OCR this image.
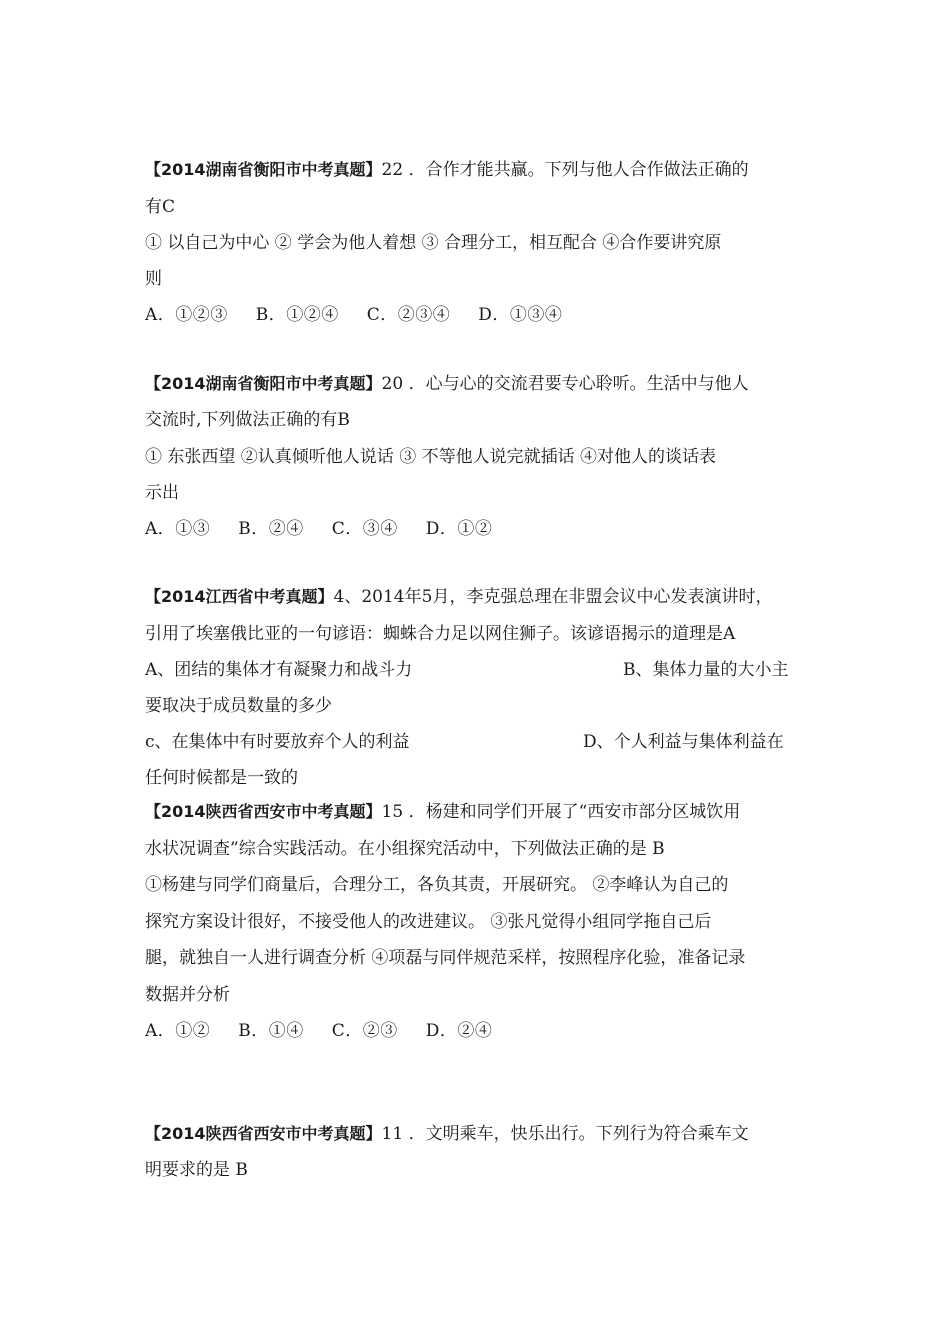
【2014湖南省衡阳市中考真题】22 ．合作才能共赢。下列与他人合作做法正确的
有C
① 以自己为中心 ② 学会为他人着想 ③ 合理分工，相互配合 ④合作要讲究原
则
A．①②③ B．①②④ C．②③④ D．①③④
【2014湖南省衡阳市中考真题】20 ．心与心的交流君要专心聆听。生活中与他人
交流时,下列做法正确的有B
① 东张西望 ②认真倾听他人说话 ③ 不等他人说完就插话 ④对他人的谈话表
示出
A．①③ B．②④ C．③④ D．①②
【2014江西省中考真题】4、2014年5月，李克强总理在非盟会议中心发表演讲时，
引用了埃塞俄比亚的一句谚语：蜘蛛合力足以网住狮子。该谚语揭示的道理是A
A、团结的集体才有凝聚力和战斗力	B、集体力量的大小主
要取决于成员数量的多少
c、在集体中有时要放弃个人的利益	D、个人利益与集体利益在
任何时候都是一致的
【2014陕西省西安市中考真题】15 ．杨建和同学们开展了“西安市部分区城饮用
水状况调查”综合实践活动。在小组探究活动中，下列做法正确的是 B
①杨建与同学们商量后，合理分工，各负其责，开展研究。 ②李峰认为自己的
探究方案设计很好，不接受他人的改进建议。 ③张凡觉得小组同学拖自己后
腿，就独自一人进行调查分析 ④项磊与同伴规范采样，按照程序化验，准备记录
数据并分析
A．①② B．①④ C．②③ D．②④
【2014陕西省西安市中考真题】11 ．文明乘车，快乐出行。下列行为符合乘车文
明要求的是 B
